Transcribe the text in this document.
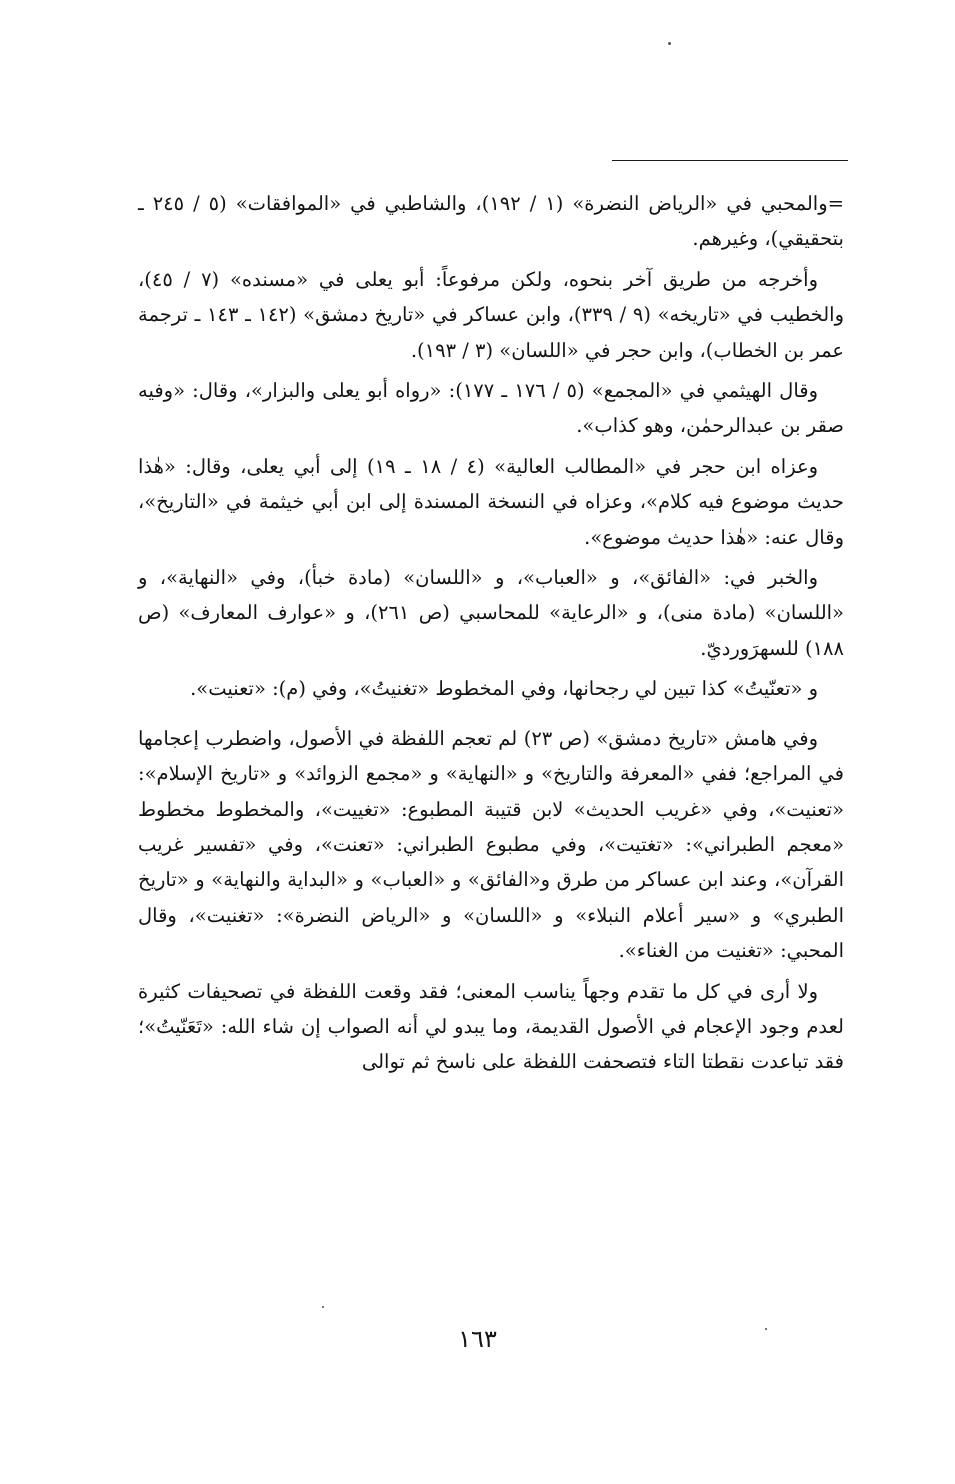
=والمحبي في «الرياض النضرة» (١ / ١٩٢)، والشاطبي في «الموافقات» (٥ / ٢٤٥ ـ بتحقيقي)، وغيرهم.

وأخرجه من طريق آخر بنحوه، ولكن مرفوعاً: أبو يعلى في «مسنده» (٧ / ٤٥)، والخطيب في «تاريخه» (٩ / ٣٣٩)، وابن عساكر في «تاريخ دمشق» (١٤٢ ـ ١٤٣ ـ ترجمة عمر بن الخطاب)، وابن حجر في «اللسان» (٣ / ١٩٣).

وقال الهيثمي في «المجمع» (٥ / ١٧٦ ـ ١٧٧): «رواه أبو يعلى والبزار»، وقال: «وفيه صقر بن عبدالرحمٰن، وهو كذاب».

وعزاه ابن حجر في «المطالب العالية» (٤ / ١٨ ـ ١٩) إلى أبي يعلى، وقال: «هٰذا حديث موضوع فيه كلام»، وعزاه في النسخة المسندة إلى ابن أبي خيثمة في «التاريخ»، وقال عنه: «هٰذا حديث موضوع».

والخبر في: «الفائق»، و «العباب»، و «اللسان» (مادة خبأ)، وفي «النهاية»، و «اللسان» (مادة منى)، و «الرعاية» للمحاسبي (ص ٢٦١)، و «عوارف المعارف» (ص ١٨٨) للسهرَورديّ.

و «تعنّيتُ» كذا تبين لي رجحانها، وفي المخطوط «تغنيتُ»، وفي (م): «تعنيت».

وفي هامش «تاريخ دمشق» (ص ٢٣) لم تعجم اللفظة في الأصول، واضطرب إعجامها في المراجع؛ ففي «المعرفة والتاريخ» و «النهاية» و «مجمع الزوائد» و «تاريخ الإسلام»: «تعنيت»، وفي «غريب الحديث» لابن قتيبة المطبوع: «تغييت»، والمخطوط مخطوط «معجم الطبراني»: «تغتيت»، وفي مطبوع الطبراني: «تعنت»، وفي «تفسير غريب القرآن»، وعند ابن عساكر من طرق و«الفائق» و «العباب» و «البداية والنهاية» و «تاريخ الطبري» و «سير أعلام النبلاء» و «اللسان» و «الرياض النضرة»: «تغنيت»، وقال المحبي: «تغنيت من الغناء».

ولا أرى في كل ما تقدم وجهاً يناسب المعنى؛ فقد وقعت اللفظة في تصحيفات كثيرة لعدم وجود الإعجام في الأصول القديمة، وما يبدو لي أنه الصواب إن شاء الله: «تَعَنّيتُ»؛ فقد تباعدت نقطتا التاء فتصحفت اللفظة على ناسخ ثم توالى

١٦٣
